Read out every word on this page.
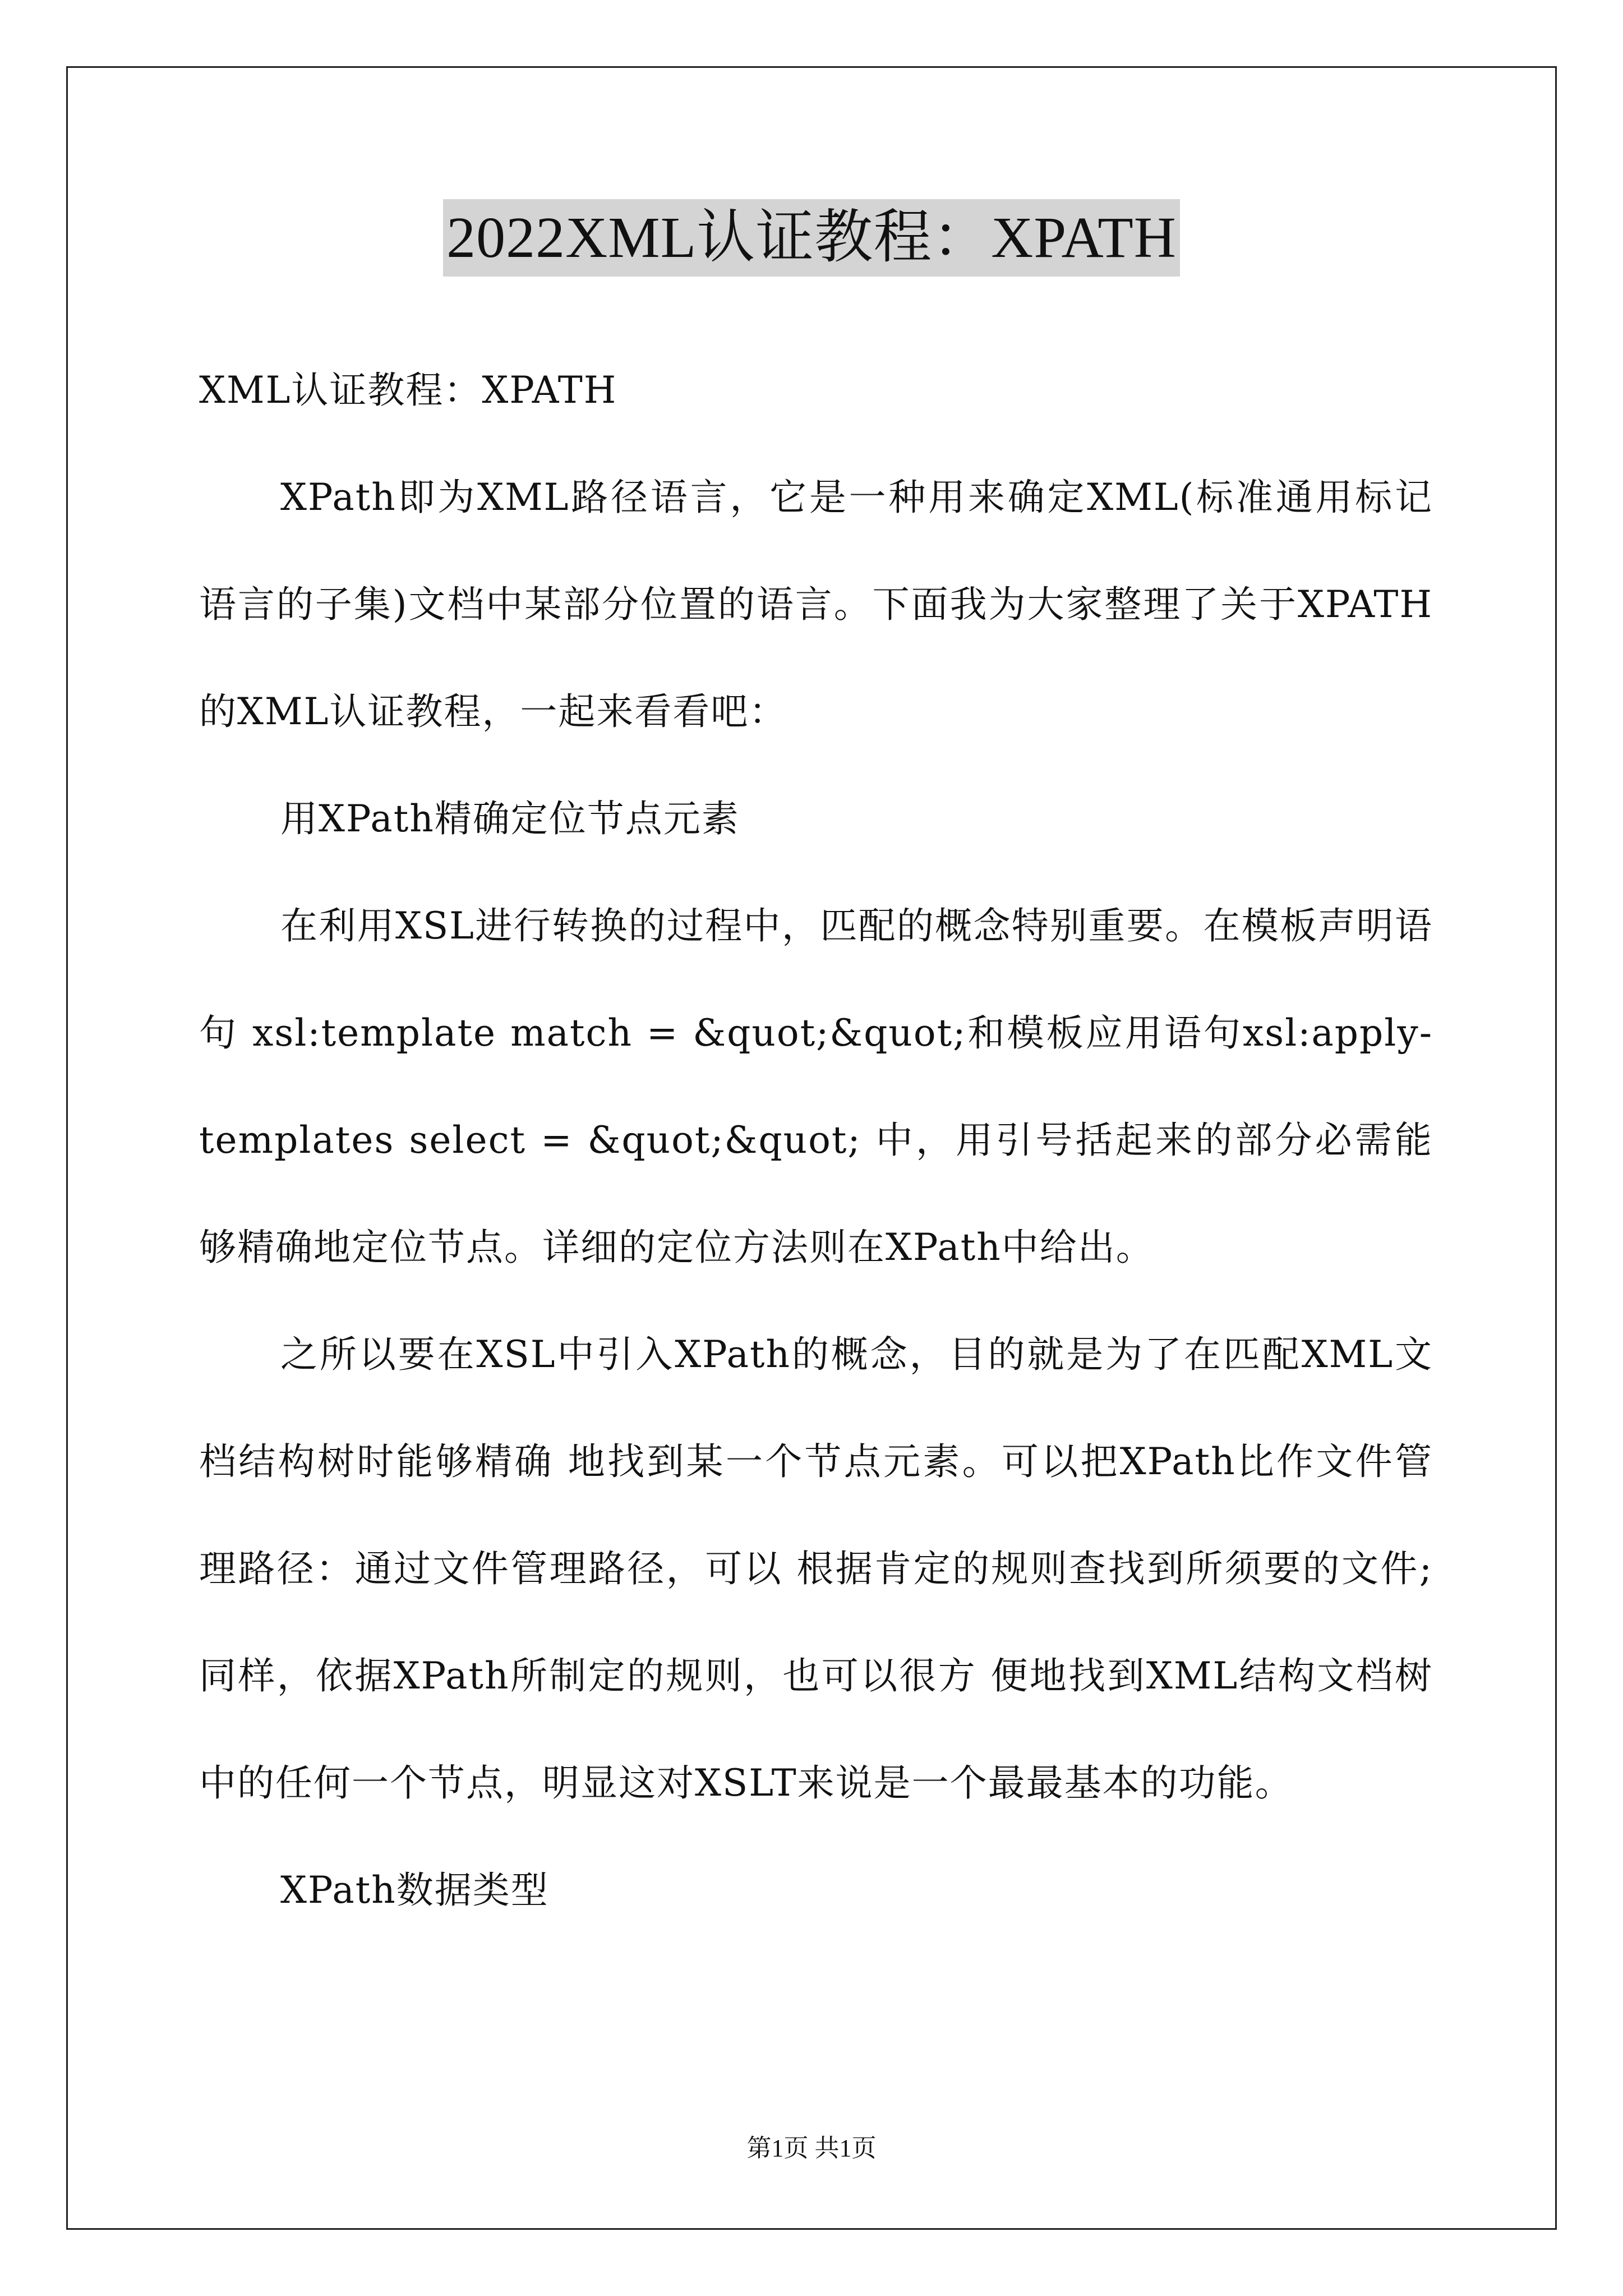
2022XML认证教程：XPATH

XML认证教程：XPATH

XPath即为XML路径语言，它是一种用来确定XML(标准通用标记语言的子集)文档中某部分位置的语言。下面我为大家整理了关于XPATH的XML认证教程，一起来看看吧：

用XPath精确定位节点元素

在利用XSL进行转换的过程中，匹配的概念特别重要。在模板声明语句 xsl:template match = &quot;&quot;和模板应用语句xsl:apply-templates select = &quot;&quot; 中，用引号括起来的部分必需能够精确地定位节点。详细的定位方法则在XPath中给出。

之所以要在XSL中引入XPath的概念，目的就是为了在匹配XML文档结构树时能够精确 地找到某一个节点元素。可以把XPath比作文件管理路径：通过文件管理路径，可以 根据肯定的规则查找到所须要的文件;同样，依据XPath所制定的规则，也可以很方 便地找到XML结构文档树中的任何一个节点，明显这对XSLT来说是一个最最基本的功能。

XPath数据类型

第1页 共1页
